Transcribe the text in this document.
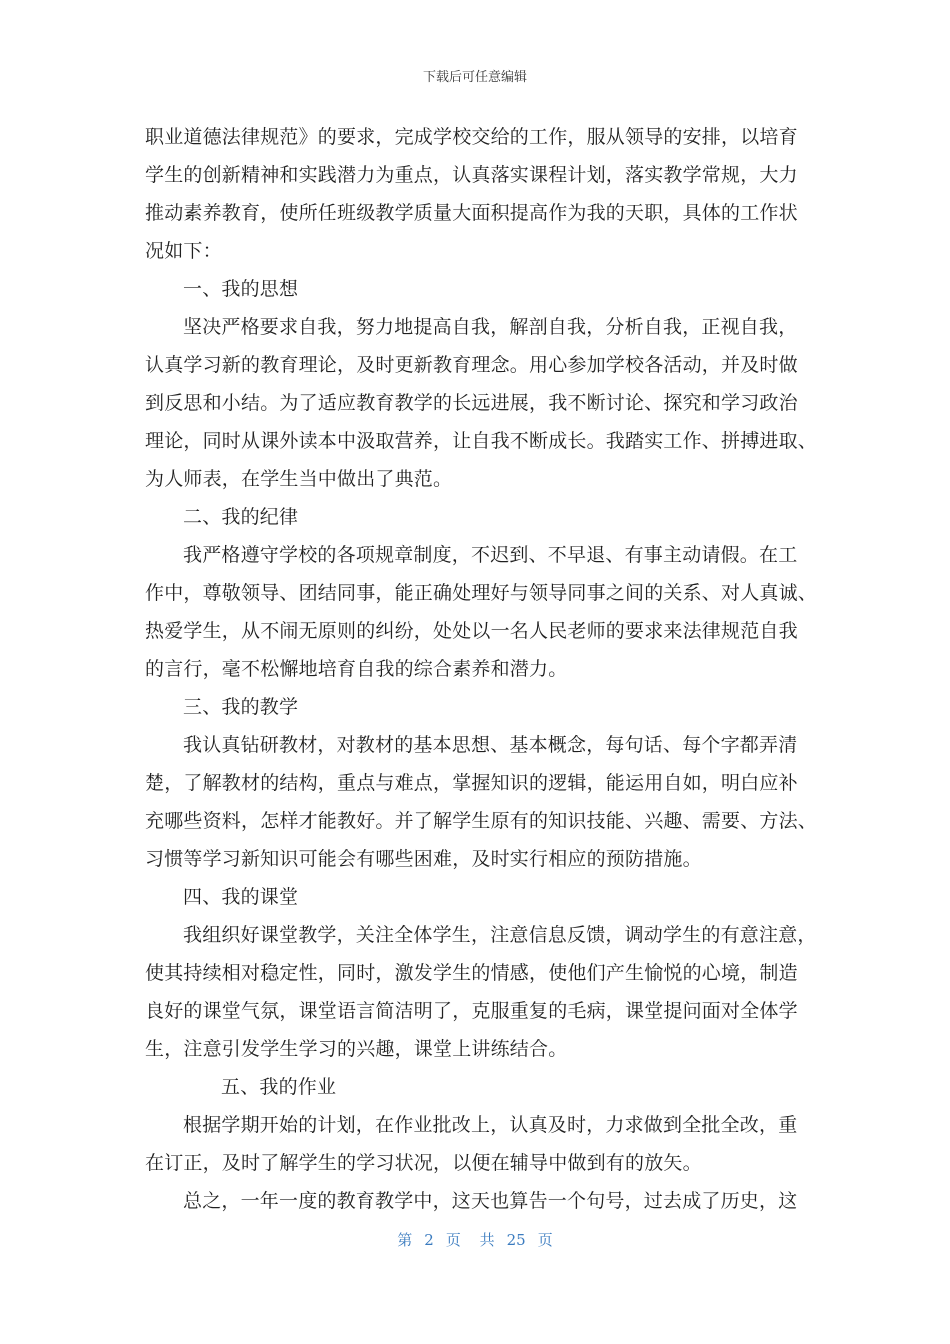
下载后可任意编辑
职业道德法律规范》的要求，完成学校交给的工作，服从领导的安排，以培育
学生的创新精神和实践潜力为重点，认真落实课程计划，落实教学常规，大力
推动素养教育，使所任班级教学质量大面积提高作为我的天职，具体的工作状
况如下：
一、我的思想
坚决严格要求自我，努力地提高自我，解剖自我，分析自我，正视自我，
认真学习新的教育理论，及时更新教育理念。用心参加学校各活动，并及时做
到反思和小结。为了适应教育教学的长远进展，我不断讨论、探究和学习政治
理论，同时从课外读本中汲取营养，让自我不断成长。我踏实工作、拼搏进取、
为人师表，在学生当中做出了典范。
二、我的纪律
我严格遵守学校的各项规章制度，不迟到、不早退、有事主动请假。在工
作中，尊敬领导、团结同事，能正确处理好与领导同事之间的关系、对人真诚、
热爱学生，从不闹无原则的纠纷，处处以一名人民老师的要求来法律规范自我
的言行，毫不松懈地培育自我的综合素养和潜力。
三、我的教学
我认真钻研教材，对教材的基本思想、基本概念，每句话、每个字都弄清
楚，了解教材的结构，重点与难点，掌握知识的逻辑，能运用自如，明白应补
充哪些资料，怎样才能教好。并了解学生原有的知识技能、兴趣、需要、方法、
习惯等学习新知识可能会有哪些困难，及时实行相应的预防措施。
四、我的课堂
我组织好课堂教学，关注全体学生，注意信息反馈，调动学生的有意注意，
使其持续相对稳定性，同时，激发学生的情感，使他们产生愉悦的心境，制造
良好的课堂气氛，课堂语言简洁明了，克服重复的毛病，课堂提问面对全体学
生，注意引发学生学习的兴趣，课堂上讲练结合。
五、我的作业
根据学期开始的计划，在作业批改上，认真及时，力求做到全批全改，重
在订正，及时了解学生的学习状况，以便在辅导中做到有的放矢。
总之，一年一度的教育教学中，这天也算告一个句号，过去成了历史，这
第 2 页 共 25 页
